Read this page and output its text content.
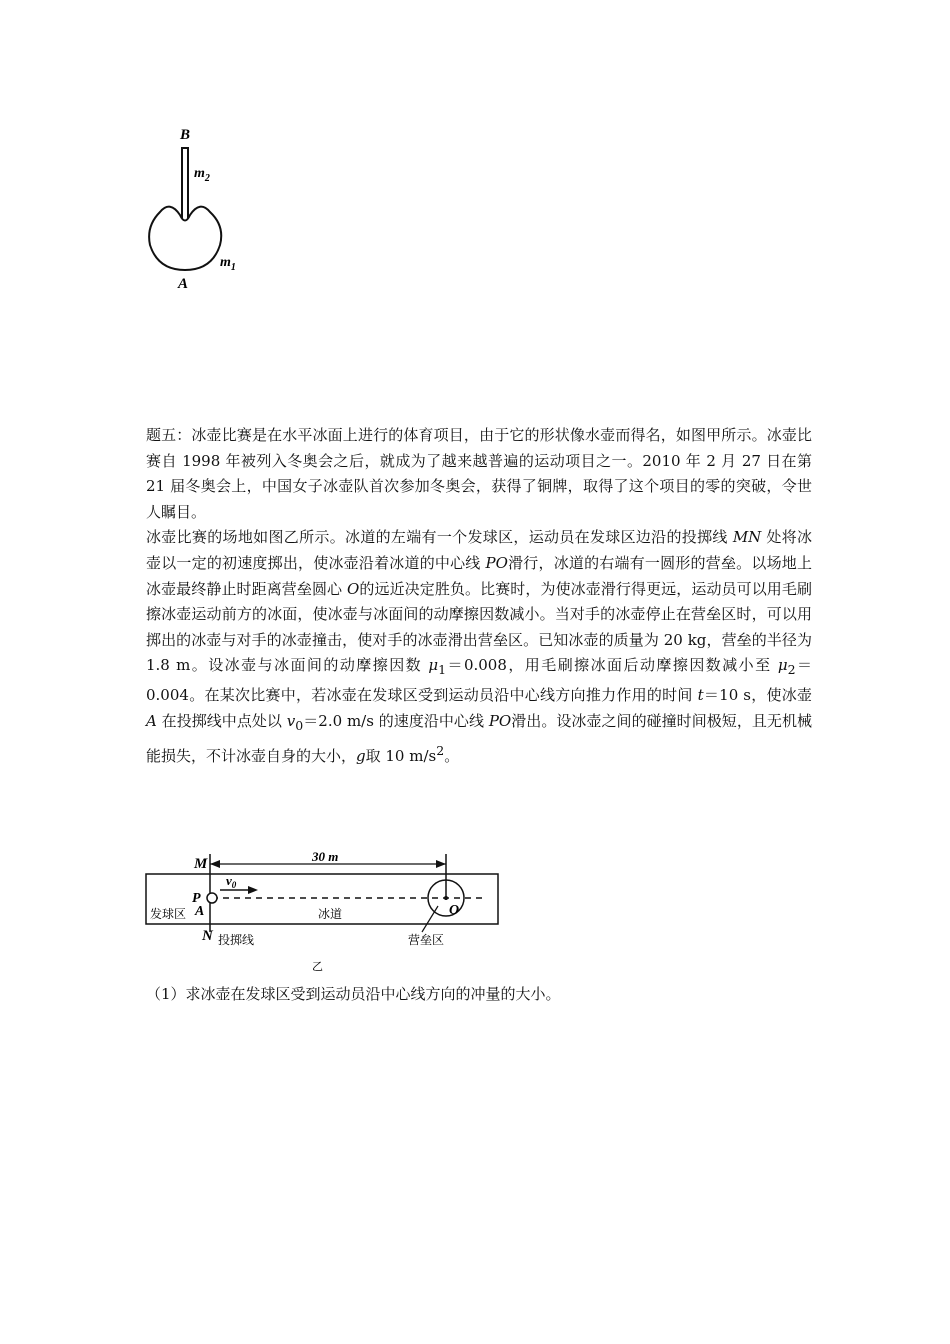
B
$m_2$
$m_1$
A

题五：冰壶比赛是在水平冰面上进行的体育项目，由于它的形状像水壶而得名，如图甲所示。冰壶比赛自 1998 年被列入冬奥会之后，就成为了越来越普遍的运动项目之一。2010 年 2 月 27 日在第 21 届冬奥会上，中国女子冰壶队首次参加冬奥会，获得了铜牌，取得了这个项目的零的突破，令世人瞩目。

冰壶比赛的场地如图乙所示。冰道的左端有一个发球区，运动员在发球区边沿的投掷线 MN 处将冰壶以一定的初速度掷出，使冰壶沿着冰道的中心线 PO滑行，冰道的右端有一圆形的营垒。以场地上冰壶最终静止时距离营垒圆心 O的远近决定胜负。比赛时，为使冰壶滑行得更远，运动员可以用毛刷擦冰壶运动前方的冰面，使冰壶与冰面间的动摩擦因数减小。当对手的冰壶停止在营垒区时，可以用掷出的冰壶与对手的冰壶撞击，使对手的冰壶滑出营垒区。已知冰壶的质量为 20 kg，营垒的半径为 1.8 m。设冰壶与冰面间的动摩擦因数 $\mu_1=0.008$，用毛刷擦冰面后动摩擦因数减小至 $\mu_2=0.004$。在某次比赛中，若冰壶在发球区受到运动员沿中心线方向推力作用的时间 t＝10 s，使冰壶 A 在投掷线中点处以 $v_0=2.0$ m/s 的速度沿中心线 PO滑出。设冰壶之间的碰撞时间极短，且无机械能损失，不计冰壶自身的大小，g取 10 $m/s^2$。

30 m
M
$v_0$
P
A	O
发球区	冰道
N 投掷线	营垒区
乙
（1）求冰壶在发球区受到运动员沿中心线方向的冲量的大小。
